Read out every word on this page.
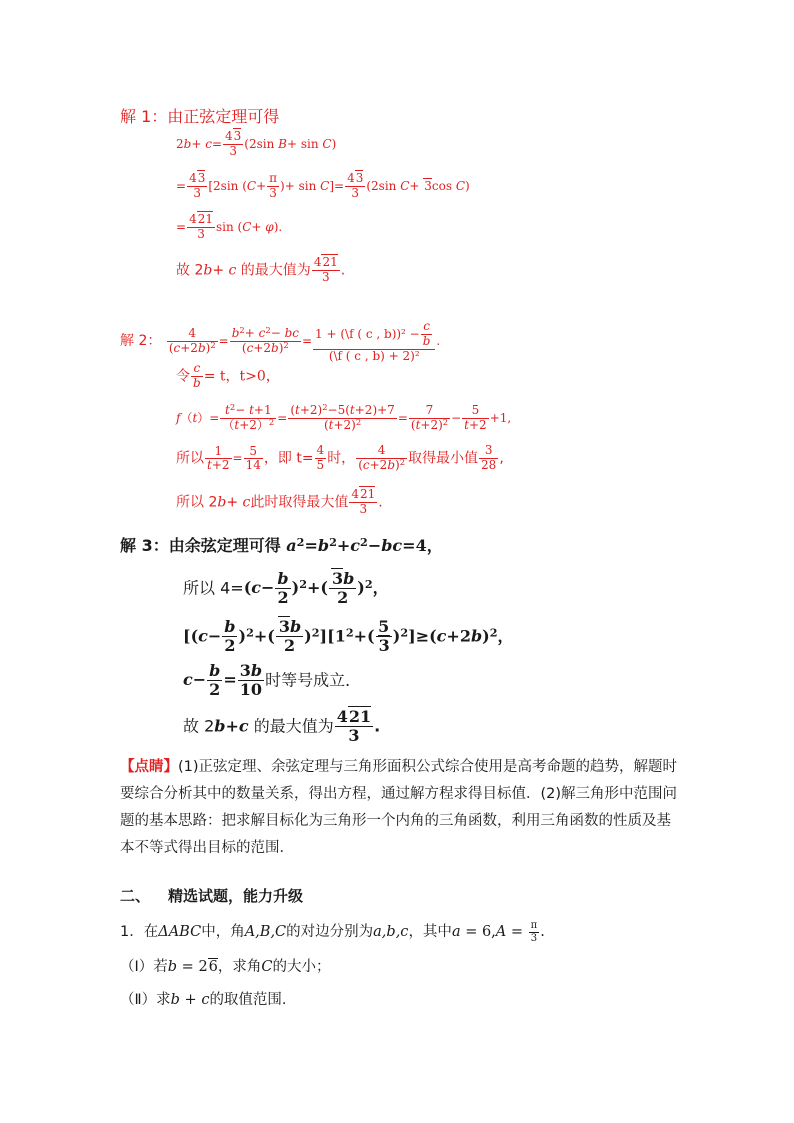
解 1：由正弦定理可得
$2b+ c= \frac{43}{3} (2\sin$ B+ sin C)
= $\frac{43}{3} [2\sin$ ($C+ \frac{\pi}{3}$ )+ $\sin C]= \frac{43}{3} (2\sin$ C+ 3cos C)
= $\frac{421}{3}$ sin (C+ φ).
故 2b+ c 的最大值为 $\frac{421}{3}$ .
解 2： $\frac{4}{(c+2b)^2} = \frac{b^2+ c^2- bc}{(c+2b)^2} = \frac{1 + (\backslash f ( c , b))^2 - \frac{c}{b}}{\text{(\textbackslash{}f ( c , b) + 2)²}}$ .
令 $\frac{c}{b} = t$，t>0，
$f(t)= \frac{t^2- t+1}{(t+2)^2} = \frac{(t+2)^2-5(t+2)+7}{(t+2)^2} = \frac{7}{(t+2)^2} - \frac{5}{t+2} +1$,
所以 $\frac{1}{t+2} = \frac{5}{14}$ ，即 $t= \frac{4}{5}$ 时， $\frac{4}{(c+2b)^2}$ 取得最小值 $\frac{3}{28}$ ,
所以 2b+ c此时取得最大值 $\frac{421}{3}$ .
解 3：由余弦定理可得 $a^2=b^2+c^2-bc=4$，
所以 $4=(c- \frac{b}{2} )^2+( \frac{3b}{2} )^2$，
$[(c- \frac{b}{2} )^2+( \frac{3b}{2} )^2][1^2+( \frac{5}{3} )^2]\ge(c+2b)^2$，
$c- \frac{b}{2} = \frac{3b}{10}$ 时等号成立．
故 2b+c 的最大值为 $\frac{421}{3}$ .
【点睛】(1)正弦定理、余弦定理与三角形面积公式综合使用是高考命题的趋势，解题时要综合分析其中的数量关系，得出方程，通过解方程求得目标值．(2)解三角形中范围问题的基本思路：把求解目标化为三角形一个内角的三角函数，利用三角函数的性质及基本不等式得出目标的范围．
二、 精选试题，能力升级
1．在ΔABC中，角A,B,C的对边分别为a,b,c，其中$a = 6,A = \frac{\pi}{3}$ .
（Ⅰ）若b = 26，求角C的大小；
（Ⅱ）求b + c的取值范围.
